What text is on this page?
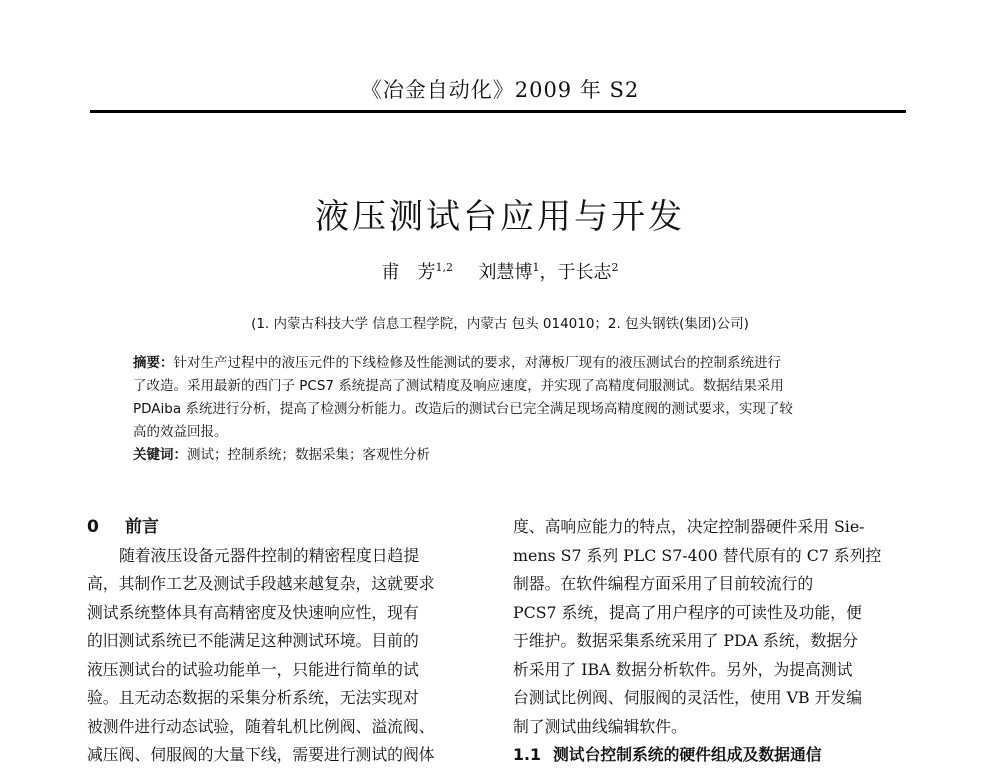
《冶金自动化》2009 年 S2
液压测试台应用与开发
甫　芳$^{1,2}$ 刘慧博$^1$，于长志$^2$
(1. 内蒙古科技大学 信息工程学院，内蒙古 包头 014010；2. 包头钢铁(集团)公司)
摘要：针对生产过程中的液压元件的下线检修及性能测试的要求，对薄板厂现有的液压测试台的控制系统进行
了改造。采用最新的西门子 PCS7 系统提高了测试精度及响应速度，并实现了高精度伺服测试。数据结果采用
PDAiba 系统进行分析，提高了检测分析能力。改造后的测试台已完全满足现场高精度阀的测试要求，实现了较
高的效益回报。
关键词：测试；控制系统；数据采集；客观性分析
0 前言
随着液压设备元器件控制的精密程度日趋提
高，其制作工艺及测试手段越来越复杂，这就要求
测试系统整体具有高精密度及快速响应性，现有
的旧测试系统已不能满足这种测试环境。目前的
液压测试台的试验功能单一，只能进行简单的试
验。且无动态数据的采集分析系统，无法实现对
被测件进行动态试验，随着轧机比例阀、溢流阀、
减压阀、伺服阀的大量下线，需要进行测试的阀体
度、高响应能力的特点，决定控制器硬件采用 Sie-
mens S7 系列 PLC S7-400 替代原有的 C7 系列控
制器。在软件编程方面采用了目前较流行的
PCS7 系统，提高了用户程序的可读性及功能，便
于维护。数据采集系统采用了 PDA 系统，数据分
析采用了 IBA 数据分析软件。另外，为提高测试
台测试比例阀、伺服阀的灵活性，使用 VB 开发编
制了测试曲线编辑软件。
1.1 测试台控制系统的硬件组成及数据通信
